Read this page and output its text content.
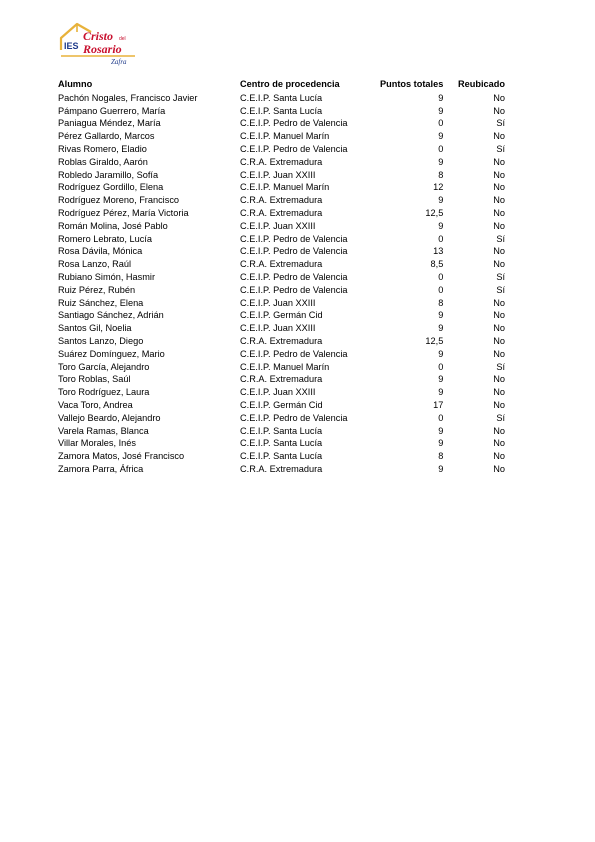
IES
Cristo del
Rosario
Zafra
Alumno	Centro de procedencia	Puntos totales	Reubicado
Pachón Nogales, Francisco Javier	C.E.I.P. Santa Lucía	9	No
Pámpano Guerrero, María	C.E.I.P. Santa Lucía	9	No
Paniagua Méndez, María	C.E.I.P. Pedro de Valencia	0	Sí
Pérez Gallardo, Marcos	C.E.I.P. Manuel Marín	9	No
Rivas Romero, Eladio	C.E.I.P. Pedro de Valencia	0	Sí
Roblas Giraldo, Aarón	C.R.A. Extremadura	9	No
Robledo Jaramillo, Sofía	C.E.I.P. Juan XXIII	8	No
Rodríguez Gordillo, Elena	C.E.I.P. Manuel Marín	12	No
Rodríguez Moreno, Francisco	C.R.A. Extremadura	9	No
Rodríguez Pérez, María Victoria	C.R.A. Extremadura	12,5	No
Román Molina, José Pablo	C.E.I.P. Juan XXIII	9	No
Romero Lebrato, Lucía	C.E.I.P. Pedro de Valencia	0	Sí
Rosa Dávila, Mónica	C.E.I.P. Pedro de Valencia	13	No
Rosa Lanzo, Raúl	C.R.A. Extremadura	8,5	No
Rubiano Simón, Hasmir	C.E.I.P. Pedro de Valencia	0	Sí
Ruiz Pérez, Rubén	C.E.I.P. Pedro de Valencia	0	Sí
Ruiz Sánchez, Elena	C.E.I.P. Juan XXIII	8	No
Santiago Sánchez, Adrián	C.E.I.P. Germán Cid	9	No
Santos Gil, Noelia	C.E.I.P. Juan XXIII	9	No
Santos Lanzo, Diego	C.R.A. Extremadura	12,5	No
Suárez Domínguez, Mario	C.E.I.P. Pedro de Valencia	9	No
Toro García, Alejandro	C.E.I.P. Manuel Marín	0	Sí
Toro Roblas, Saúl	C.R.A. Extremadura	9	No
Toro Rodríguez, Laura	C.E.I.P. Juan XXIII	9	No
Vaca Toro, Andrea	C.E.I.P. Germán Cid	17	No
Vallejo Beardo, Alejandro	C.E.I.P. Pedro de Valencia	0	Sí
Varela Ramas, Blanca	C.E.I.P. Santa Lucía	9	No
Villar Morales, Inés	C.E.I.P. Santa Lucía	9	No
Zamora Matos, José Francisco	C.E.I.P. Santa Lucía	8	No
Zamora Parra, África	C.R.A. Extremadura	9	No
